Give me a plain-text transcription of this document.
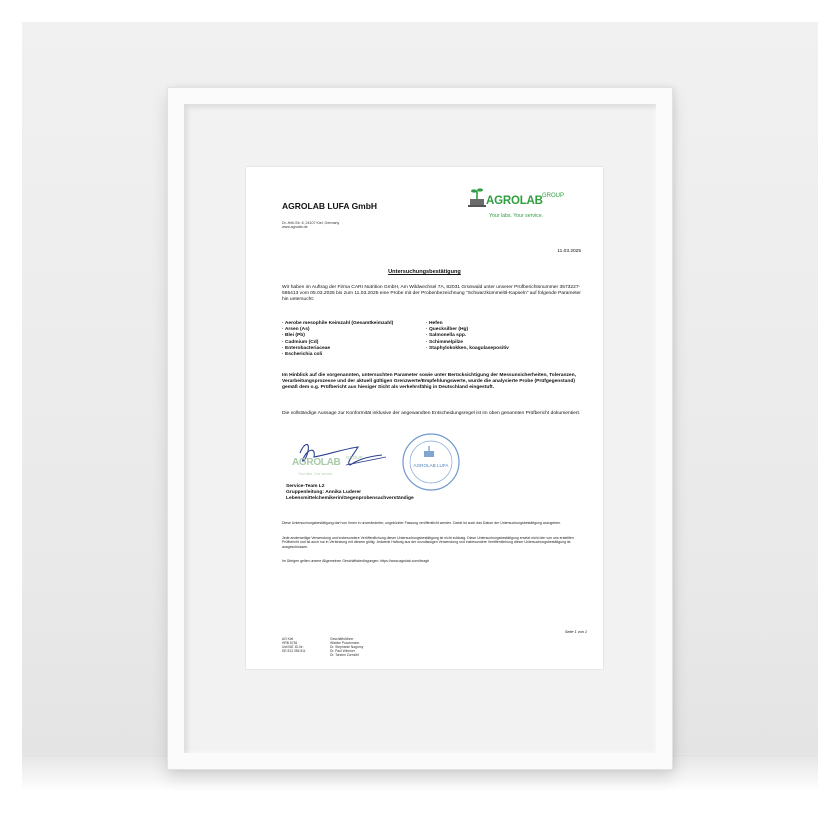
AGROLAB LUFA GmbH
Dr.-Hell-Str. 6, 24107 Kiel, Germany
www.agrolab.de
AGROLAB GROUP
Your labs. Your service.
11.03.2025
Untersuchungsbestätigung
Wir haben im Auftrag der Firma CARI Nutrition GmbH, Am Wildwechsel 7A, 82031 Grünwald unter unserer Prüfberichtsnummer 3573227-585413 vom 05.03.2025 bis zum 11.03.2025 eine Probe mit der Probenbezeichnung "Schwarzkümmelöl-Kapseln" auf folgende Parameter hin untersucht:
· Aerobe mesophile Keimzahl (Gesamtkeimzahl)
· Arsen (As)
· Blei (Pb)
· Cadmium (Cd)
· Enterobacteriaceae
· Escherichia coli
· Hefen
· Quecksilber (Hg)
· Salmonella spp.
· Schimmelpilze
· Staphylokokken, koagulasepositiv
Im Hinblick auf die vorgenannten, untersuchten Parameter sowie unter Berücksichtigung der Messunsicherheiten, Toleranzen, Verarbeitungsprozesse und der aktuell gültigen Grenzwerte/Empfehlungswerte, wurde die analysierte Probe (Prüfgegenstand) gemäß dem o.g. Prüfbericht aus hiesiger Sicht als verkehrsfähig in Deutschland eingestuft.
Die vollständige Aussage zur Konformität inklusive der angewandten Entscheidungsregel ist im oben genannten Prüfbericht dokumentiert.
AGROLAB GROUP
Your labs. Your service.
AGROLAB LUFA
Service-Team L2
Gruppenleitung: Annika Luderer
Lebensmittelchemikerin/Gegenprobensachverständige
Diese Untersuchungsbestätigung darf von Ihnen in unveränderter, ungekürzter Fassung veröffentlicht werden. Dabei ist auch das Datum der Untersuchungsbestätigung anzugeben.
Jede anderweitige Verwendung und insbesondere Veröffentlichung dieser Untersuchungsbestätigung ist nicht zulässig. Diese Untersuchungsbestätigung ersetzt nicht den von uns erstellten Prüfbericht und ist auch nur in Verbindung mit diesem gültig. Jedwede Haftung aus der unzulässigen Verwendung und insbesondere Veröffentlichung dieser Untersuchungsbestätigung ist ausgeschlossen.
Im Übrigen gelten unsere Allgemeinen Geschäftsbedingungen: https://www.agrolab.com/deagb
Seite 1 von 1
AG Kiel
HRB 6736
Ust/VAT-ID-Nr:
DE 813 356 511
Geschäftsführer
Wiebke Puschmann
Dr. Stephanie Nagorny
Dr. Paul Wimmer
Dr. Torsten Zurmühl
